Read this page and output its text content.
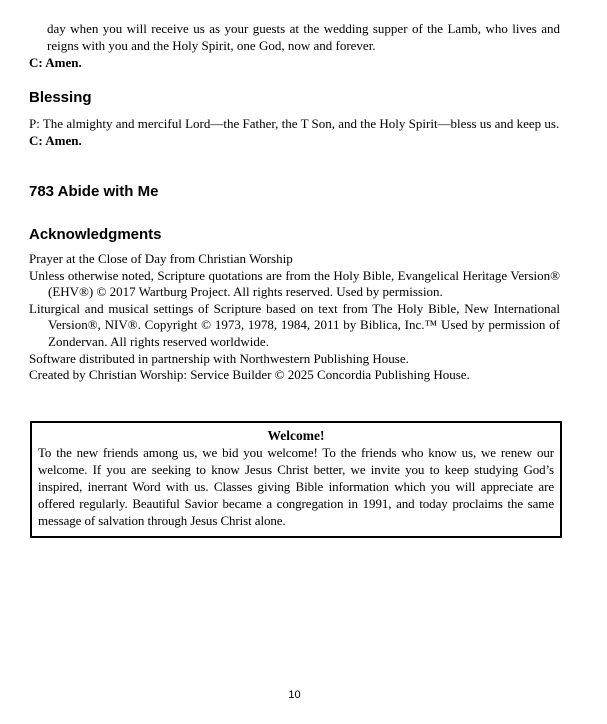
day when you will receive us as your guests at the wedding supper of the Lamb, who lives and reigns with you and the Holy Spirit, one God, now and forever.
C: Amen.
Blessing
P: The almighty and merciful Lord—the Father, the T Son, and the Holy Spirit—bless us and keep us.
C: Amen.
783 Abide with Me
Acknowledgments
Prayer at the Close of Day from Christian Worship
Unless otherwise noted, Scripture quotations are from the Holy Bible, Evangelical Heritage Version® (EHV®) © 2017 Wartburg Project. All rights reserved. Used by permission.
Liturgical and musical settings of Scripture based on text from The Holy Bible, New International Version®, NIV®. Copyright © 1973, 1978, 1984, 2011 by Biblica, Inc.™ Used by permission of Zondervan. All rights reserved worldwide.
Software distributed in partnership with Northwestern Publishing House.
Created by Christian Worship: Service Builder © 2025 Concordia Publishing House.
Welcome!
To the new friends among us, we bid you welcome! To the friends who know us, we renew our welcome. If you are seeking to know Jesus Christ better, we invite you to keep studying God’s inspired, inerrant Word with us. Classes giving Bible information which you will appreciate are offered regularly. Beautiful Savior became a congregation in 1991, and today proclaims the same message of salvation through Jesus Christ alone.
10
